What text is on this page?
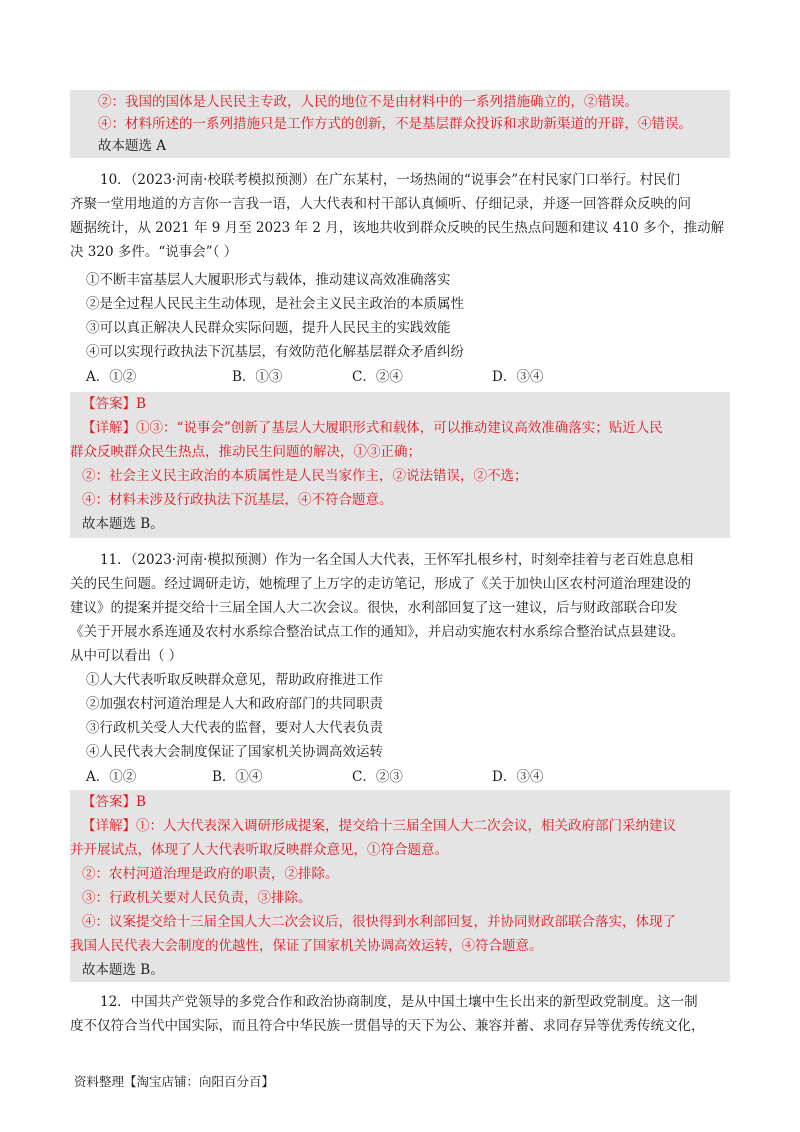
②：我国的国体是人民民主专政，人民的地位不是由材料中的一系列措施确立的，②错误。
④：材料所述的一系列措施只是工作方式的创新，不是基层群众投诉和求助新渠道的开辟，④错误。
故本题选 A
10．（2023·河南·校联考模拟预测）在广东某村，一场热闹的“说事会”在村民家门口举行。村民们
齐聚一堂用地道的方言你一言我一语，人大代表和村干部认真倾听、仔细记录，并逐一回答群众反映的问
题据统计，从 2021 年 9 月至 2023 年 2 月，该地共收到群众反映的民生热点问题和建议 410 多个，推动解
决 320 多件。“说事会”（ ）
①不断丰富基层人大履职形式与载体，推动建议高效准确落实
②是全过程人民民主生动体现，是社会主义民主政治的本质属性
③可以真正解决人民群众实际问题，提升人民民主的实践效能
④可以实现行政执法下沉基层，有效防范化解基层群众矛盾纠纷
A．①②	B．①③	C．②④	D．③④
【答案】B
【详解】①③：“说事会”创新了基层人大履职形式和载体，可以推动建议高效准确落实；贴近人民
群众反映群众民生热点，推动民生问题的解决，①③正确；
②：社会主义民主政治的本质属性是人民当家作主，②说法错误，②不选；
④：材料未涉及行政执法下沉基层，④不符合题意。
故本题选 B。
11．（2023·河南·模拟预测）作为一名全国人大代表，王怀军扎根乡村，时刻牵挂着与老百姓息息相
关的民生问题。经过调研走访，她梳理了上万字的走访笔记，形成了《关于加快山区农村河道治理建设的
建议》的提案并提交给十三届全国人大二次会议。很快，水利部回复了这一建议，后与财政部联合印发
《关于开展水系连通及农村水系综合整治试点工作的通知》，并启动实施农村水系综合整治试点县建设。
从中可以看出（ ）
①人大代表听取反映群众意见，帮助政府推进工作
②加强农村河道治理是人大和政府部门的共同职责
③行政机关受人大代表的监督，要对人大代表负责
④人民代表大会制度保证了国家机关协调高效运转
A．①②	B．①④	C．②③	D．③④
【答案】B
【详解】①：人大代表深入调研形成提案，提交给十三届全国人大二次会议，相关政府部门采纳建议
并开展试点，体现了人大代表听取反映群众意见，①符合题意。
②：农村河道治理是政府的职责，②排除。
③：行政机关要对人民负责，③排除。
④：议案提交给十三届全国人大二次会议后，很快得到水利部回复，并协同财政部联合落实，体现了
我国人民代表大会制度的优越性，保证了国家机关协调高效运转，④符合题意。
故本题选 B。
12．中国共产党领导的多党合作和政治协商制度，是从中国土壤中生长出来的新型政党制度。这一制
度不仅符合当代中国实际，而且符合中华民族一贯倡导的天下为公、兼容并蓄、求同存异等优秀传统文化，
资料整理【淘宝店铺：向阳百分百】
